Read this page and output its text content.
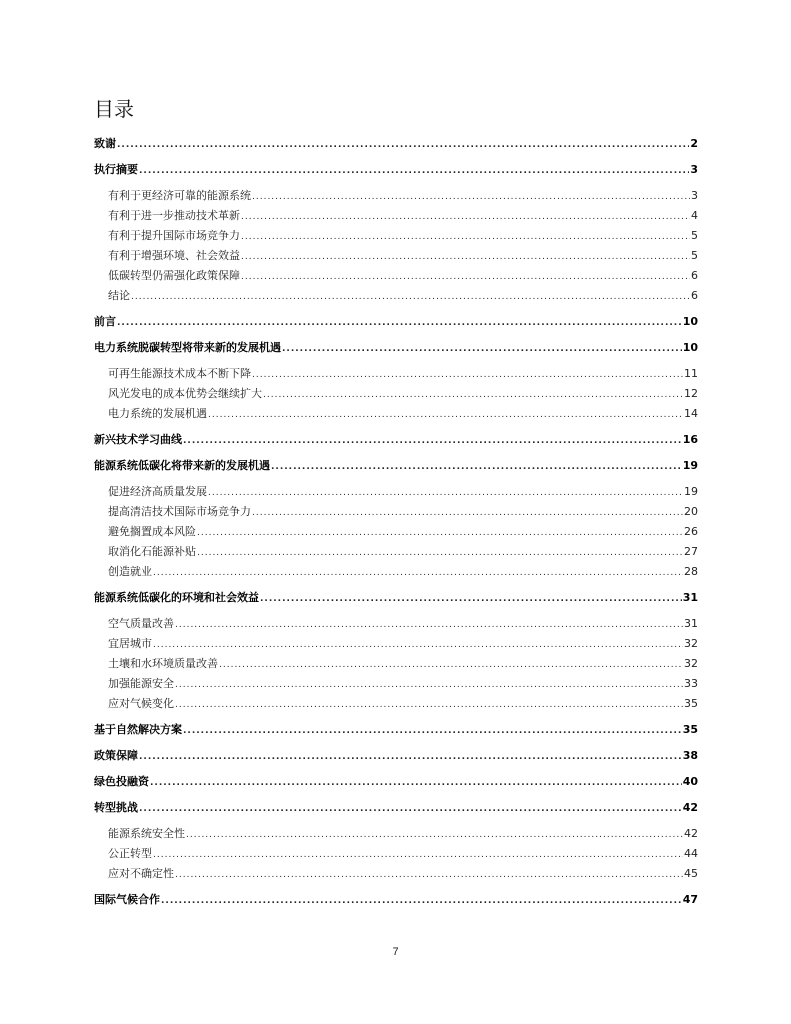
目录
致谢 .....	2
执行摘要 .....	3
有利于更经济可靠的能源系统 .....	3
有利于进一步推动技术革新 .....	4
有利于提升国际市场竞争力 .....	5
有利于增强环境、社会效益 .....	5
低碳转型仍需强化政策保障 .....	6
结论 .....	6
前言 .....	10
电力系统脱碳转型将带来新的发展机遇 .....	10
可再生能源技术成本不断下降 .....	11
风光发电的成本优势会继续扩大 .....	12
电力系统的发展机遇 .....	14
新兴技术学习曲线 .....	16
能源系统低碳化将带来新的发展机遇 .....	19
促进经济高质量发展 .....	19
提高清洁技术国际市场竞争力 .....	20
避免搁置成本风险 .....	26
取消化石能源补贴 .....	27
创造就业 .....	28
能源系统低碳化的环境和社会效益 .....	31
空气质量改善 .....	31
宜居城市 .....	32
土壤和水环境质量改善 .....	32
加强能源安全 .....	33
应对气候变化 .....	35
基于自然解决方案 .....	35
政策保障 .....	38
绿色投融资 .....	40
转型挑战 .....	42
能源系统安全性 .....	42
公正转型 .....	44
应对不确定性 .....	45
国际气候合作 .....	47
7
